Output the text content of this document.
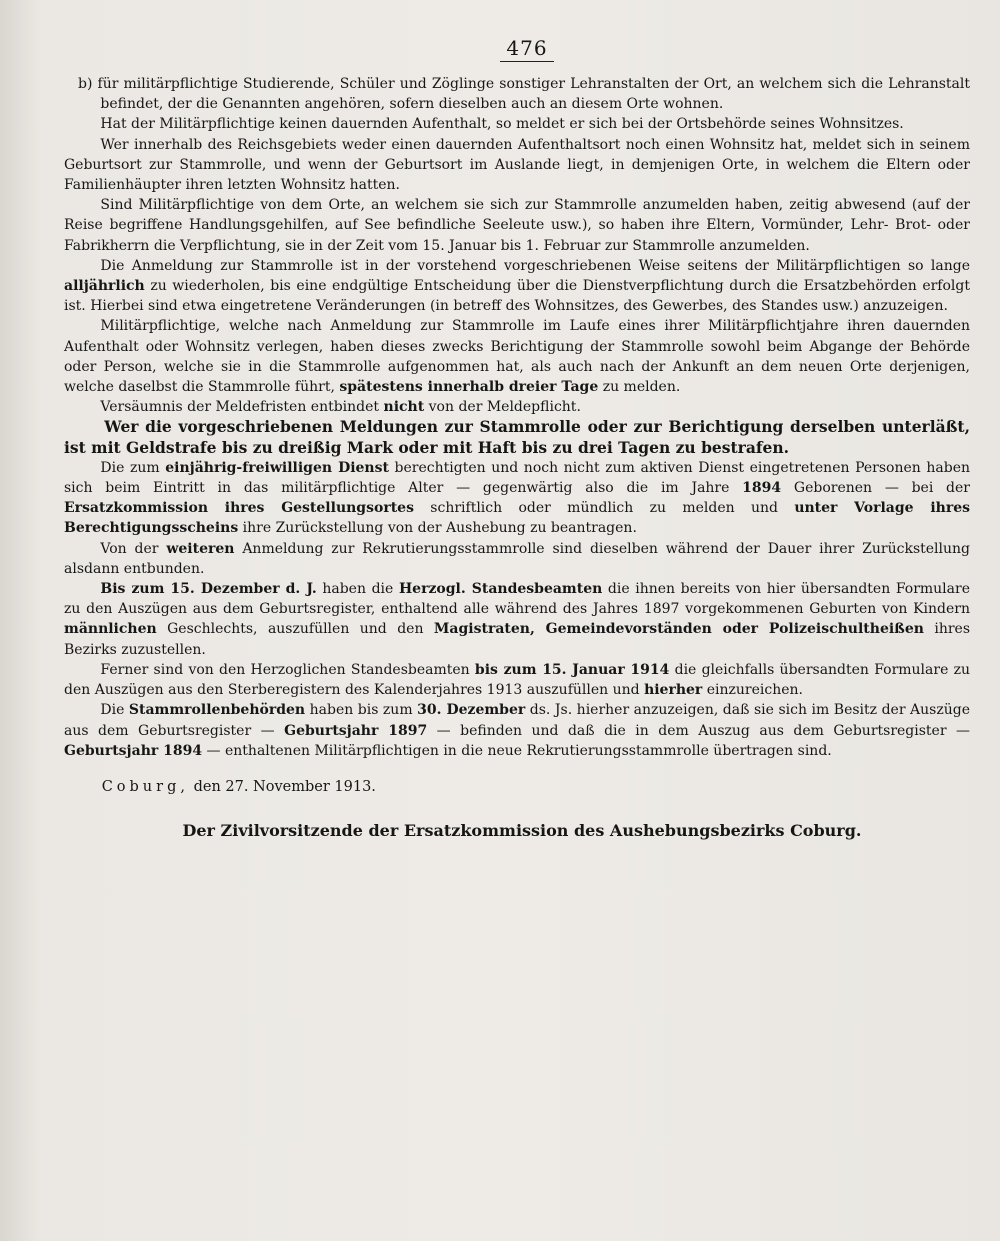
476

b) für militärpflichtige Studierende, Schüler und Zöglinge sonstiger Lehranstalten der Ort, an welchem sich die Lehranstalt befindet, der die Genannten angehören, sofern dieselben auch an diesem Orte wohnen.

Hat der Militärpflichtige keinen dauernden Aufenthalt, so meldet er sich bei der Ortsbehörde seines Wohnsitzes.

Wer innerhalb des Reichsgebiets weder einen dauernden Aufenthaltsort noch einen Wohnsitz hat, meldet sich in seinem Geburtsort zur Stammrolle, und wenn der Geburtsort im Auslande liegt, in demjenigen Orte, in welchem die Eltern oder Familienhäupter ihren letzten Wohnsitz hatten.

Sind Militärpflichtige von dem Orte, an welchem sie sich zur Stammrolle anzumelden haben, zeitig abwesend (auf der Reise begriffene Handlungsgehilfen, auf See befindliche Seeleute usw.), so haben ihre Eltern, Vormünder, Lehr- Brot- oder Fabrikherrn die Verpflichtung, sie in der Zeit vom 15. Januar bis 1. Februar zur Stammrolle anzumelden.

Die Anmeldung zur Stammrolle ist in der vorstehend vorgeschriebenen Weise seitens der Militärpflichtigen so lange alljährlich zu wiederholen, bis eine endgültige Entscheidung über die Dienstverpflichtung durch die Ersatzbehörden erfolgt ist. Hierbei sind etwa eingetretene Veränderungen (in betreff des Wohnsitzes, des Gewerbes, des Standes usw.) anzuzeigen.

Militärpflichtige, welche nach Anmeldung zur Stammrolle im Laufe eines ihrer Militärpflichtjahre ihren dauernden Aufenthalt oder Wohnsitz verlegen, haben dieses zwecks Berichtigung der Stammrolle sowohl beim Abgange der Behörde oder Person, welche sie in die Stammrolle aufgenommen hat, als auch nach der Ankunft an dem neuen Orte derjenigen, welche daselbst die Stammrolle führt, spätestens innerhalb dreier Tage zu melden.

Versäumnis der Meldefristen entbindet nicht von der Meldepflicht.

Wer die vorgeschriebenen Meldungen zur Stammrolle oder zur Berichtigung derselben unterläßt, ist mit Geldstrafe bis zu dreißig Mark oder mit Haft bis zu drei Tagen zu bestrafen.

Die zum einjährig-freiwilligen Dienst berechtigten und noch nicht zum aktiven Dienst eingetretenen Personen haben sich beim Eintritt in das militärpflichtige Alter — gegenwärtig also die im Jahre 1894 Geborenen — bei der Ersatzkommission ihres Gestellungsortes schriftlich oder mündlich zu melden und unter Vorlage ihres Berechtigungsscheins ihre Zurückstellung von der Aushebung zu beantragen.

Von der weiteren Anmeldung zur Rekrutierungsstammrolle sind dieselben während der Dauer ihrer Zurückstellung alsdann entbunden.

Bis zum 15. Dezember d. J. haben die Herzogl. Standesbeamten die ihnen bereits von hier übersandten Formulare zu den Auszügen aus dem Geburtsregister, enthaltend alle während des Jahres 1897 vorgekommenen Geburten von Kindern männlichen Geschlechts, auszufüllen und den Magistraten, Gemeindevorständen oder Polizeischultheißen ihres Bezirks zuzustellen.

Ferner sind von den Herzoglichen Standesbeamten bis zum 15. Januar 1914 die gleichfalls übersandten Formulare zu den Auszügen aus den Sterberegistern des Kalenderjahres 1913 auszufüllen und hierher einzureichen.

Die Stammrollenbehörden haben bis zum 30. Dezember ds. Js. hierher anzuzeigen, daß sie sich im Besitz der Auszüge aus dem Geburtsregister — Geburtsjahr 1897 — befinden und daß die in dem Auszug aus dem Geburtsregister — Geburtsjahr 1894 — enthaltenen Militärpflichtigen in die neue Rekrutierungsstammrolle übertragen sind.

Coburg, den 27. November 1913.

Der Zivilvorsitzende der Ersatzkommission des Aushebungsbezirks Coburg.
